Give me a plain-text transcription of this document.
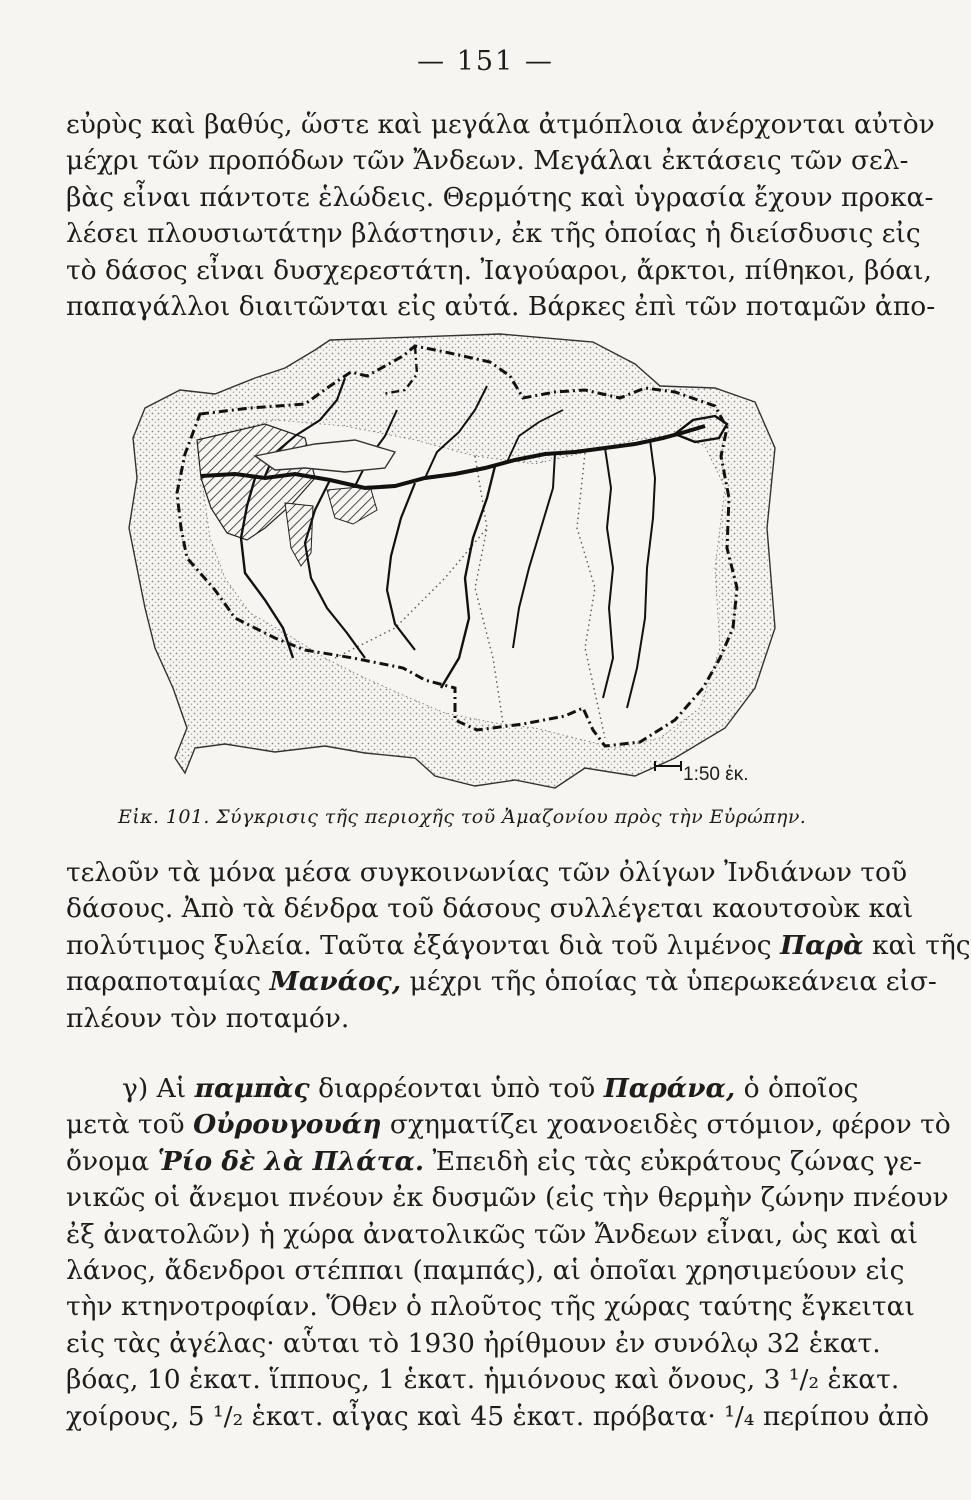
— 151 —
εὐρὺς καὶ βαθύς, ὥστε καὶ μεγάλα ἀτμόπλοια ἀνέρχονται αὐτὸν
μέχρι τῶν προπόδων τῶν Ἄνδεων. Μεγάλαι ἐκτάσεις τῶν σελ-
βὰς εἶναι πάντοτε ἑλώδεις. Θερμότης καὶ ὑγρασία ἔχουν προκα-
λέσει πλουσιωτάτην βλάστησιν, ἐκ τῆς ὁποίας ἡ διείσδυσις εἰς
τὸ δάσος εἶναι δυσχερεστάτη. Ἰαγούαροι, ἄρκτοι, πίθηκοι, βόαι,
παπαγάλλοι διαιτῶνται εἰς αὐτά. Βάρκες ἐπὶ τῶν ποταμῶν ἀπο-
1:50 ἑκ.
Εἰκ. 101. Σύγκρισις τῆς περιοχῆς τοῦ Ἀμαζονίου πρὸς τὴν Εὐρώπην.
τελοῦν τὰ μόνα μέσα συγκοινωνίας τῶν ὀλίγων Ἰνδιάνων τοῦ
δάσους. Ἀπὸ τὰ δένδρα τοῦ δάσους συλλέγεται καουτσοὺκ καὶ
πολύτιμος ξυλεία. Ταῦτα ἐξάγονται διὰ τοῦ λιμένος Παρὰ καὶ τῆς
παραποταμίας Μανάος, μέχρι τῆς ὁποίας τὰ ὑπερωκεάνεια εἰσ-
πλέουν τὸν ποταμόν.
γ) Αἱ παμπὰς διαρρέονται ὑπὸ τοῦ Παράνα, ὁ ὁποῖος
μετὰ τοῦ Οὐρουγουάη σχηματίζει χοανοειδὲς στόμιον, φέρον τὸ
ὄνομα Ῥίο δὲ λὰ Πλάτα. Ἐπειδὴ εἰς τὰς εὐκράτους ζώνας γε-
νικῶς οἱ ἄνεμοι πνέουν ἐκ δυσμῶν (εἰς τὴν θερμὴν ζώνην πνέουν
ἐξ ἀνατολῶν) ἡ χώρα ἀνατολικῶς τῶν Ἄνδεων εἶναι, ὡς καὶ αἱ
λάνος, ἄδενδροι στέππαι (παμπάς), αἱ ὁποῖαι χρησιμεύουν εἰς
τὴν κτηνοτροφίαν. Ὅθεν ὁ πλοῦτος τῆς χώρας ταύτης ἔγκειται
εἰς τὰς ἀγέλας· αὗται τὸ 1930 ἠρίθμουν ἐν συνόλῳ 32 ἑκατ.
βόας, 10 ἑκατ. ἵππους, 1 ἑκατ. ἡμιόνους καὶ ὄνους, 3 ¹/₂ ἑκατ.
χοίρους, 5 ¹/₂ ἑκατ. αἶγας καὶ 45 ἑκατ. πρόβατα· ¹/₄ περίπου ἀπὸ
